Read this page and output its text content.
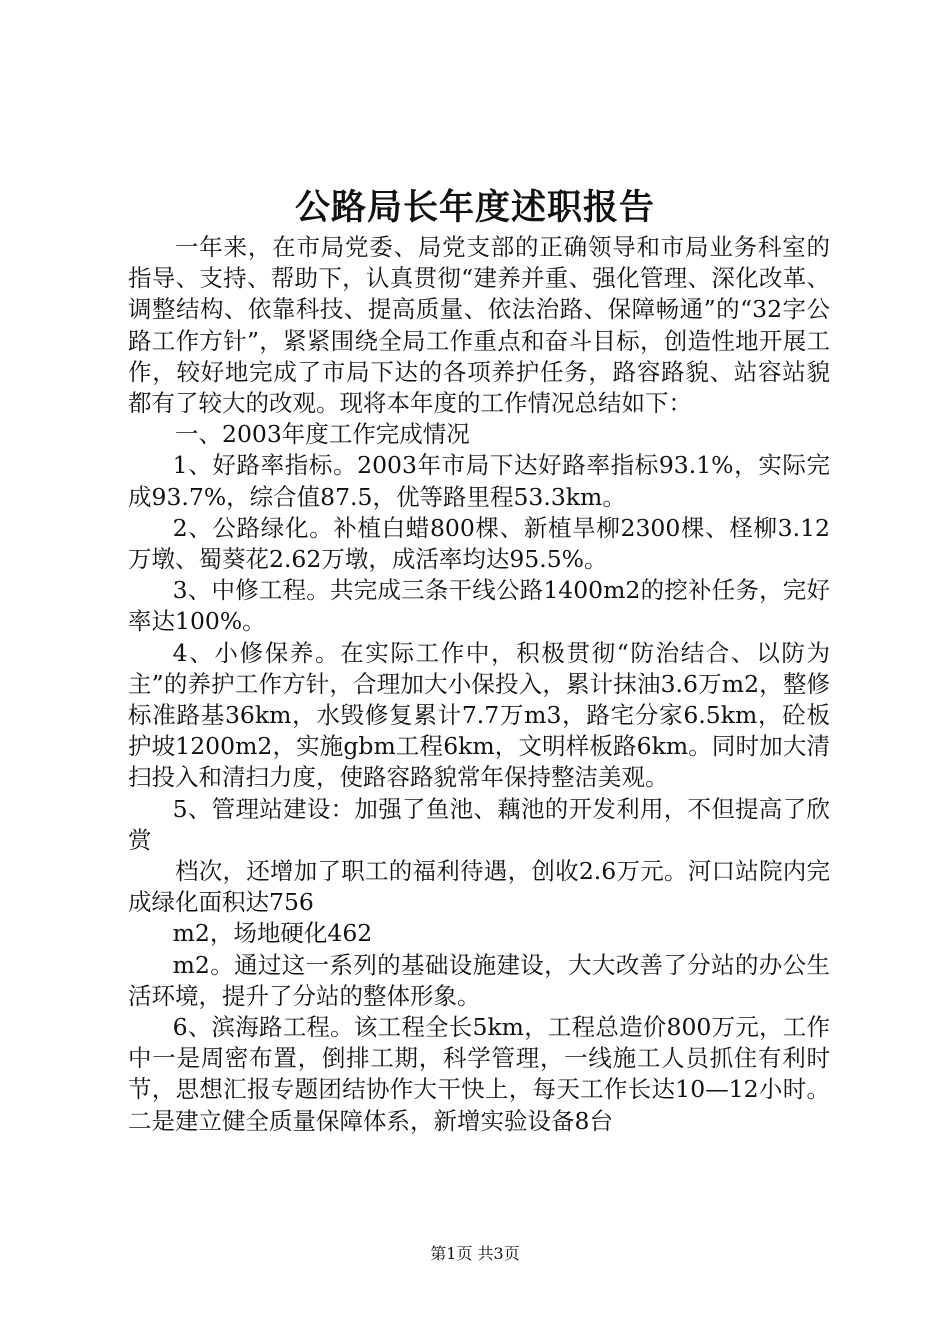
公路局长年度述职报告

一年来，在市局党委、局党支部的正确领导和市局业务科室的指导、支持、帮助下，认真贯彻“建养并重、强化管理、深化改革、调整结构、依靠科技、提高质量、依法治路、保障畅通”的“32字公路工作方针”，紧紧围绕全局工作重点和奋斗目标，创造性地开展工作，较好地完成了市局下达的各项养护任务，路容路貌、站容站貌都有了较大的改观。现将本年度的工作情况总结如下：

一、2003年度工作完成情况

1、好路率指标。2003年市局下达好路率指标93.1%，实际完成93.7%，综合值87.5，优等路里程53.3km。

2、公路绿化。补植白蜡800棵、新植旱柳2300棵、柽柳3.12万墩、蜀葵花2.62万墩，成活率均达95.5%。

3、中修工程。共完成三条干线公路1400m2的挖补任务，完好率达100%。

4、小修保养。在实际工作中，积极贯彻“防治结合、以防为主”的养护工作方针，合理加大小保投入，累计抹油3.6万m2，整修标准路基36km，水毁修复累计7.7万m3，路宅分家6.5km，砼板护坡1200m2，实施gbm工程6km，文明样板路6km。同时加大清扫投入和清扫力度，使路容路貌常年保持整洁美观。

5、管理站建设：加强了鱼池、藕池的开发利用，不但提高了欣赏

档次，还增加了职工的福利待遇，创收2.6万元。河口站院内完成绿化面积达756

m2，场地硬化462

m2。通过这一系列的基础设施建设，大大改善了分站的办公生活环境，提升了分站的整体形象。

6、滨海路工程。该工程全长5km，工程总造价800万元，工作中一是周密布置，倒排工期，科学管理，一线施工人员抓住有利时节，思想汇报专题团结协作大干快上，每天工作长达10—12小时。二是建立健全质量保障体系，新增实验设备8台

第1页 共3页
